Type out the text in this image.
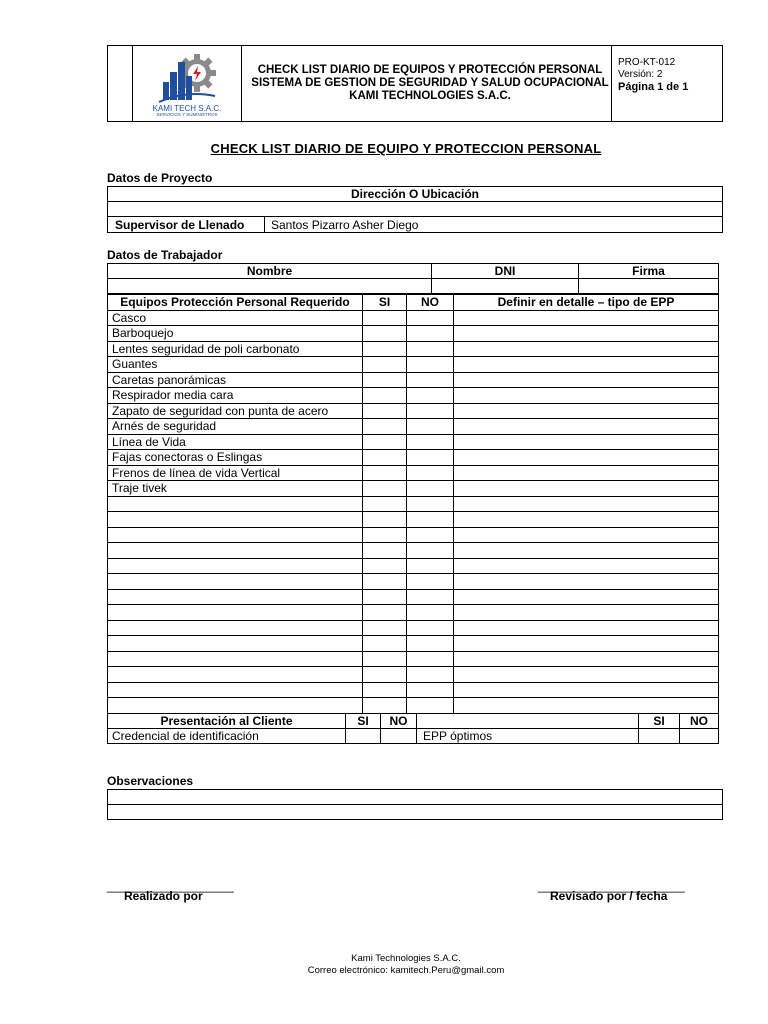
KAMI TECH S.A.C.
SERVICIOS Y SUMINISTROS
CHECK LIST DIARIO DE EQUIPOS Y PROTECCIÓN PERSONAL
SISTEMA DE GESTION DE SEGURIDAD Y SALUD OCUPACIONAL
KAMI TECHNOLOGIES S.A.C.
PRO-KT-012
Versión: 2
Página 1 de 1
CHECK LIST DIARIO DE EQUIPO Y PROTECCION PERSONAL
Datos de Proyecto
Dirección O Ubicación

Supervisor de Llenado	Santos Pizarro Asher Diego
Datos de Trabajador
Nombre	DNI	Firma

Equipos Protección Personal Requerido	SI	NO	Definir en detalle – tipo de EPP
Casco			
Barboquejo			
Lentes seguridad de poli carbonato			
Guantes			
Caretas panorámicas			
Respirador media cara			
Zapato de seguridad con punta de acero			
Arnés de seguridad			
Línea de Vida			
Fajas conectoras o Eslingas			
Frenos de línea de vida Vertical			
Traje tivek			

Presentación al Cliente	SI	NO		SI	NO
Credencial de identificación			EPP óptimos		
Observaciones

___________________
Realizado por
______________________
Revisado por / fecha
Kami Technologies S.A.C.
Correo electrónico: kamitech.Peru@gmail.com
